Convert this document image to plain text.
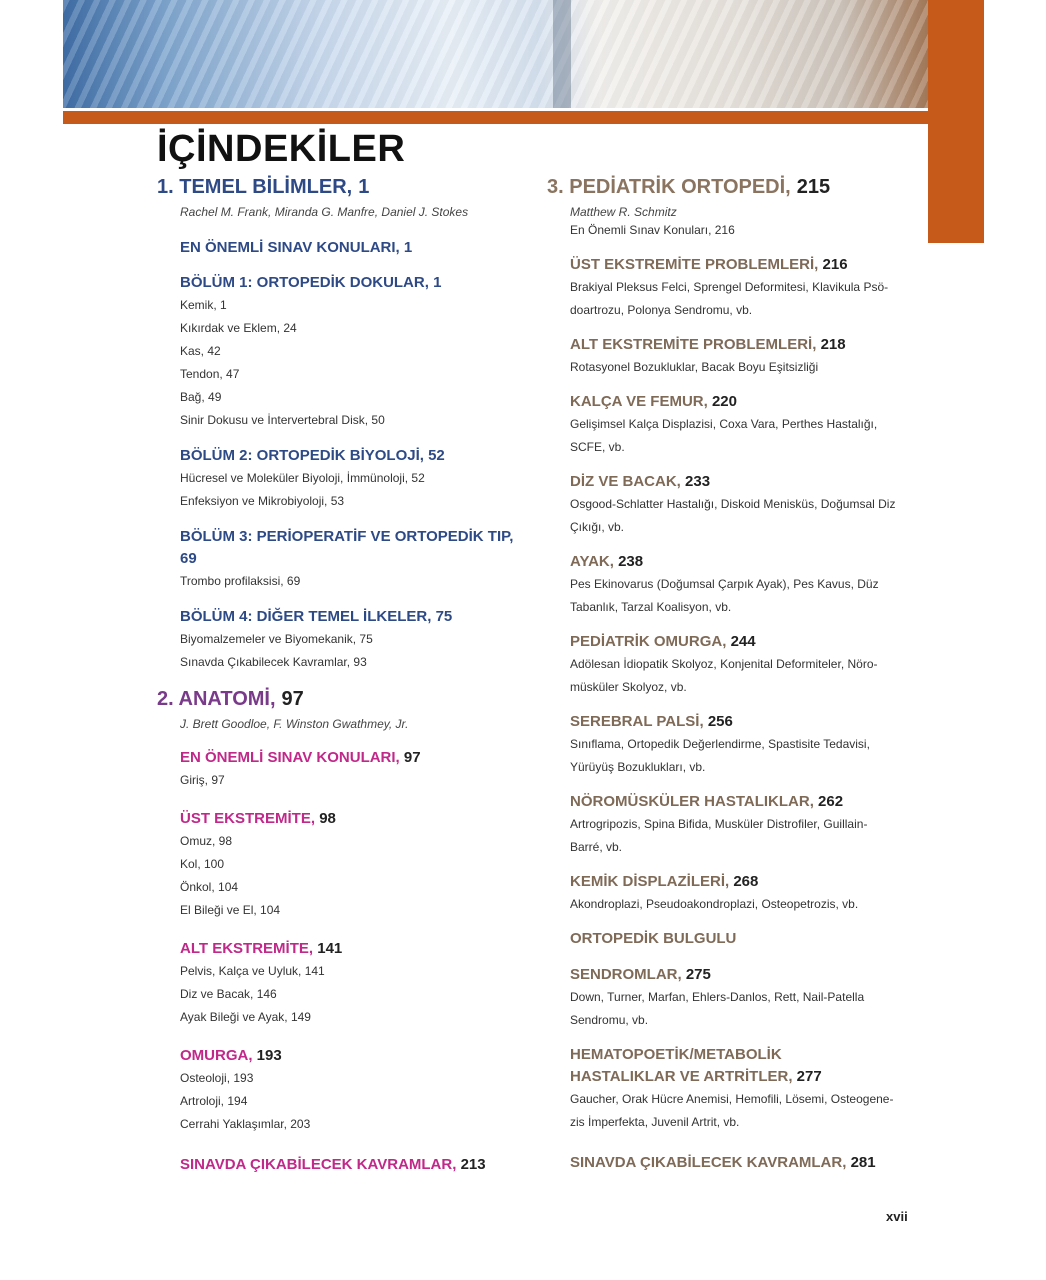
İÇİNDEKİLER
1. TEMEL BİLİMLER, 1

Rachel M. Frank, Miranda G. Manfre, Daniel J. Stokes

EN ÖNEMLİ SINAV KONULARI, 1

BÖLÜM 1: ORTOPEDİK DOKULAR, 1

Kemik, 1

Kıkırdak ve Eklem, 24

Kas, 42

Tendon, 47

Bağ, 49

Sinir Dokusu ve İntervertebral Disk, 50

BÖLÜM 2: ORTOPEDİK BİYOLOJİ, 52

Hücresel ve Moleküler Biyoloji, İmmünoloji, 52

Enfeksiyon ve Mikrobiyoloji, 53

BÖLÜM 3: PERİOPERATİF VE ORTOPEDİK TIP, 69

Trombo profilaksisi, 69

BÖLÜM 4: DİĞER TEMEL İLKELER, 75

Biyomalzemeler ve Biyomekanik, 75

Sınavda Çıkabilecek Kavramlar, 93

2. ANATOMİ, 97

J. Brett Goodloe, F. Winston Gwathmey, Jr.

EN ÖNEMLİ SINAV KONULARI, 97

Giriş, 97

ÜST EKSTREMİTE, 98

Omuz, 98

Kol, 100

Önkol, 104

El Bileği ve El, 104

ALT EKSTREMİTE, 141

Pelvis, Kalça ve Uyluk, 141

Diz ve Bacak, 146

Ayak Bileği ve Ayak, 149

OMURGA, 193

Osteoloji, 193

Artroloji, 194

Cerrahi Yaklaşımlar, 203

SINAVDA ÇIKABİLECEK KAVRAMLAR, 213

3. PEDİATRİK ORTOPEDİ, 215

Matthew R. Schmitz

En Önemli Sınav Konuları, 216

ÜST EKSTREMİTE PROBLEMLERİ, 216

Brakiyal Pleksus Felci, Sprengel Deformitesi, Klavikula Psö-

doartrozu, Polonya Sendromu, vb.

ALT EKSTREMİTE PROBLEMLERİ, 218

Rotasyonel Bozukluklar, Bacak Boyu Eşitsizliği

KALÇA VE FEMUR, 220

Gelişimsel Kalça Displazisi, Coxa Vara, Perthes Hastalığı,

SCFE, vb.

DİZ VE BACAK, 233

Osgood-Schlatter Hastalığı, Diskoid Menisküs, Doğumsal Diz

Çıkığı, vb.

AYAK, 238

Pes Ekinovarus (Doğumsal Çarpık Ayak), Pes Kavus, Düz

Tabanlık, Tarzal Koalisyon, vb.

PEDİATRİK OMURGA, 244

Adölesan İdiopatik Skolyoz, Konjenital Deformiteler, Nöro-

müsküler Skolyoz, vb.

SEREBRAL PALSİ, 256

Sınıflama, Ortopedik Değerlendirme, Spastisite Tedavisi,

Yürüyüş Bozuklukları, vb.

NÖROMÜSKÜLER HASTALIKLAR, 262

Artrogripozis, Spina Bifida, Musküler Distrofiler, Guillain-

Barré, vb.

KEMİK DİSPLAZİLERİ, 268

Akondroplazi, Pseudoakondroplazi, Osteopetrozis, vb.

ORTOPEDİK BULGULU

SENDROMLAR, 275

Down, Turner, Marfan, Ehlers-Danlos, Rett, Nail-Patella

Sendromu, vb.

HEMATOPOETİK/METABOLİK

HASTALIKLAR VE ARTRİTLER, 277

Gaucher, Orak Hücre Anemisi, Hemofili, Lösemi, Osteogene-

zis İmperfekta, Juvenil Artrit, vb.

SINAVDA ÇIKABİLECEK KAVRAMLAR, 281

xvii
